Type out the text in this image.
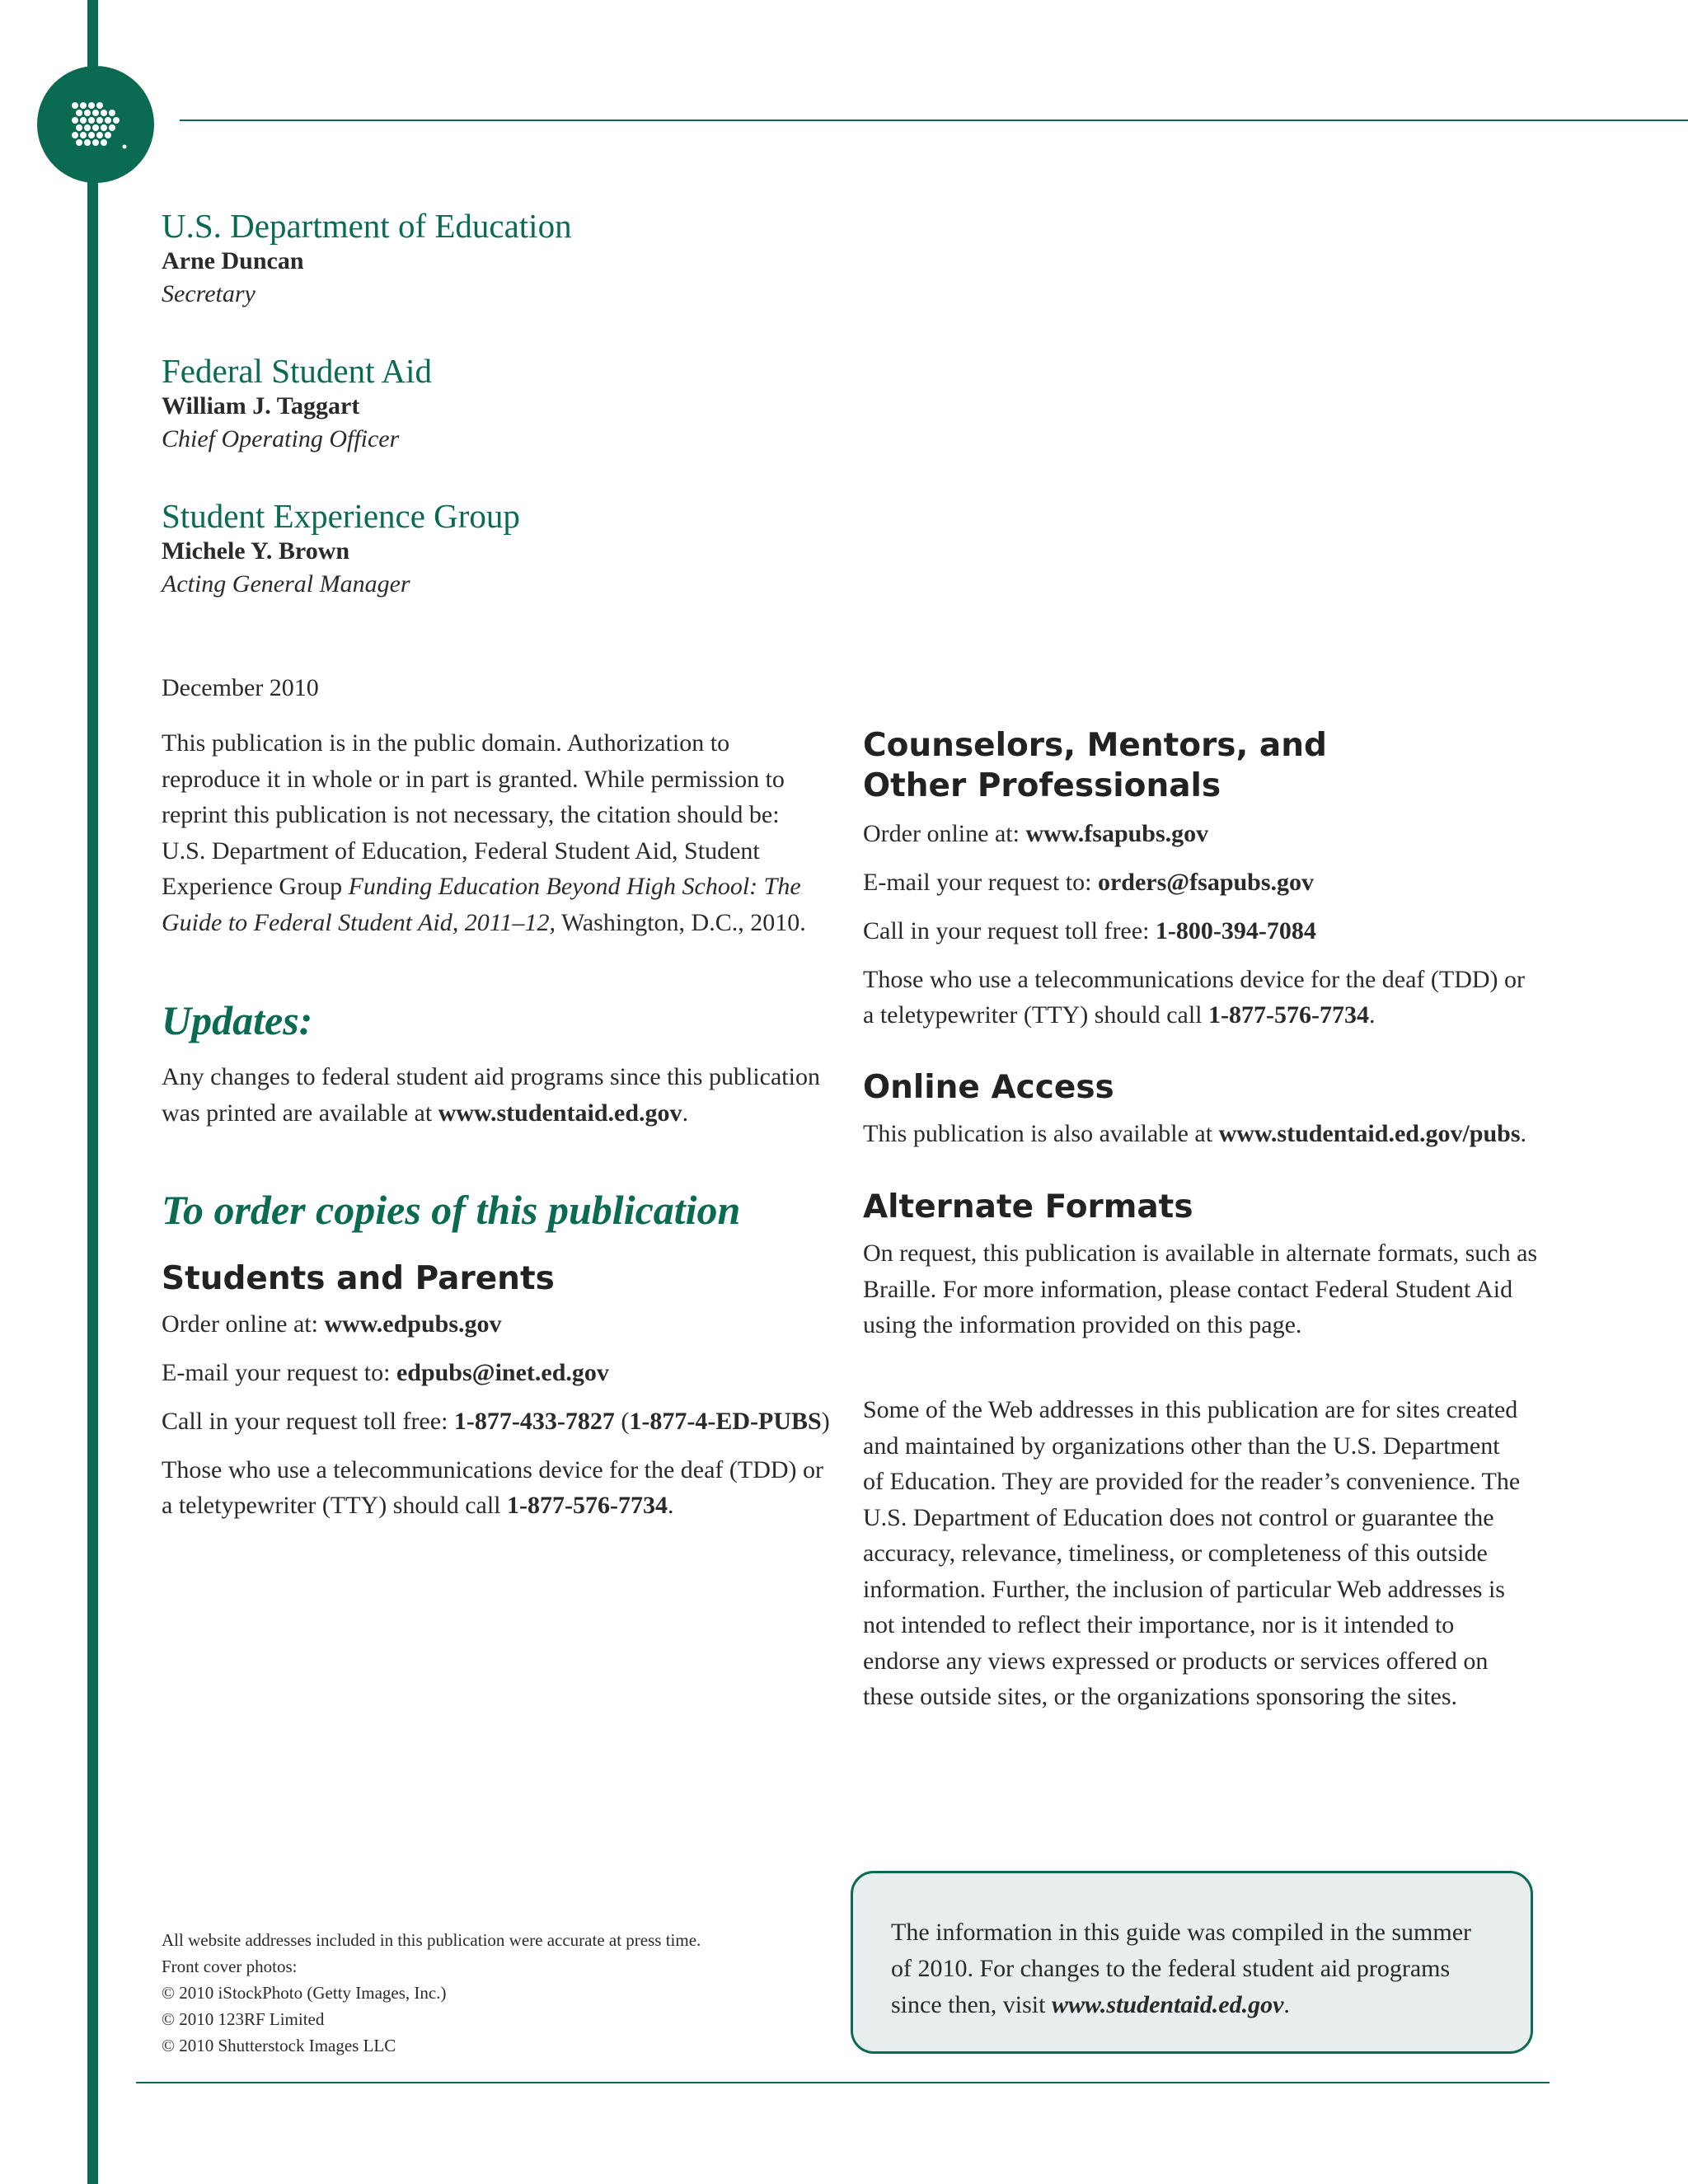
U.S. Department of Education
Arne Duncan
Secretary
Federal Student Aid
William J. Taggart
Chief Operating Officer
Student Experience Group
Michele Y. Brown
Acting General Manager
December 2010

This publication is in the public domain. Authorization to reproduce it in whole or in part is granted. While permission to reprint this publication is not necessary, the citation should be: U.S. Department of Education, Federal Student Aid, Student Experience Group Funding Education Beyond High School: The Guide to Federal Student Aid, 2011–12, Washington, D.C., 2010.

Updates:

Any changes to federal student aid programs since this publication was printed are available at www.studentaid.ed.gov.

To order copies of this publication
Students and Parents

Order online at: www.edpubs.gov

E-mail your request to: edpubs@inet.ed.gov

Call in your request toll free: 1-877-433-7827 (1-877-4-ED-PUBS)

Those who use a telecommunications device for the deaf (TDD) or a teletypewriter (TTY) should call 1-877-576-7734.

Counselors, Mentors, and
Other Professionals

Order online at: www.fsapubs.gov

E-mail your request to: orders@fsapubs.gov

Call in your request toll free: 1-800-394-7084

Those who use a telecommunications device for the deaf (TDD) or a teletypewriter (TTY) should call 1-877-576-7734.

Online Access

This publication is also available at www.studentaid.ed.gov/pubs.

Alternate Formats
On request, this publication is available in alternate formats, such as Braille. For more information, please contact Federal Student Aid using the information provided on this page.
Some of the Web addresses in this publication are for sites created and maintained by organizations other than the U.S. Department of Education. They are provided for the reader’s convenience. The U.S. Department of Education does not control or guarantee the accuracy, relevance, timeliness, or completeness of this outside information. Further, the inclusion of particular Web addresses is not intended to reflect their importance, nor is it intended to endorse any views expressed or products or services offered on these outside sites, or the organizations sponsoring the sites.
All website addresses included in this publication were accurate at press time.
Front cover photos:
© 2010 iStockPhoto (Getty Images, Inc.)
© 2010 123RF Limited
© 2010 Shutterstock Images LLC

The information in this guide was compiled in the summer of 2010. For changes to the federal student aid programs since then, visit www.studentaid.ed.gov.
